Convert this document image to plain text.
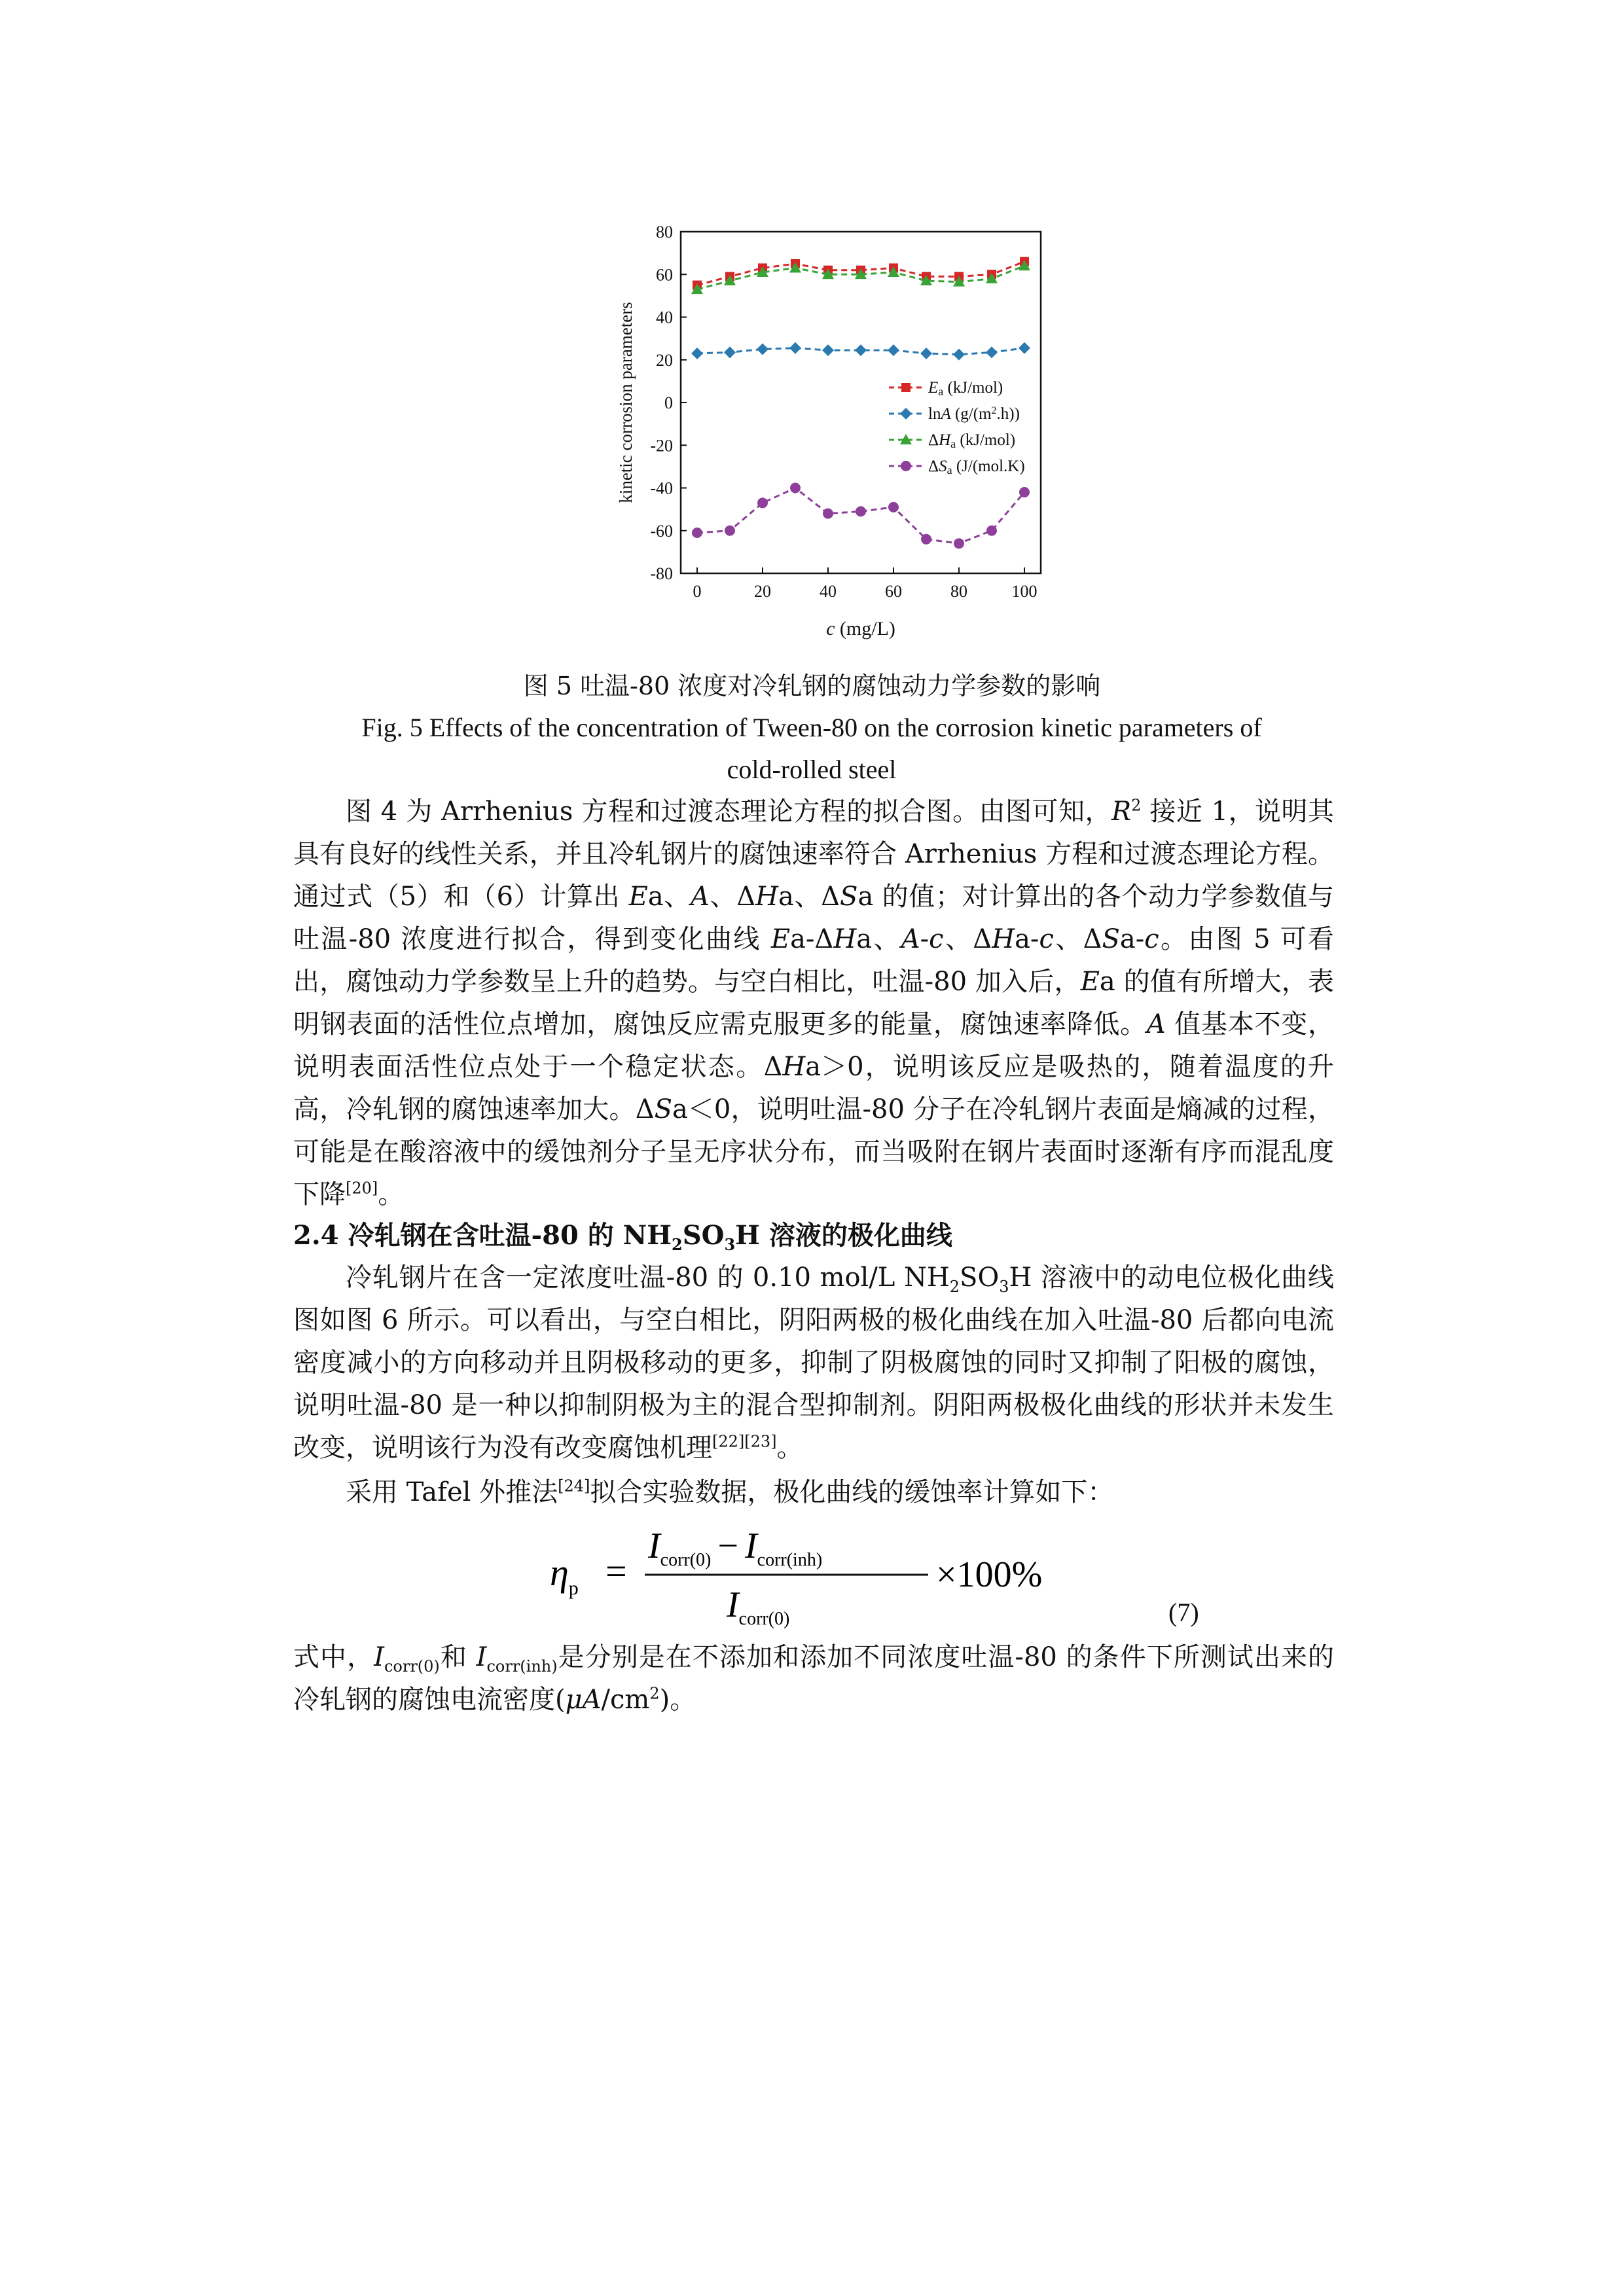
80
60
40
20
0
-20
-40
-60
-80
0	20	40	60	80	100
kinetic corrosion parameters
c (mg/L)
Ea (kJ/mol)
lnA $(g/(m^2.h))$
ΔHa (kJ/mol)
ΔSa (J/(mol.K)
图 5 吐温-80 浓度对冷轧钢的腐蚀动力学参数的影响
Fig. 5 Effects of the concentration of Tween-80 on the corrosion kinetic parameters of
cold-rolled steel

图 4 为 Arrhenius 方程和过渡态理论方程的拟合图。由图可知，$R^2$ 接近 1，说明其具有良好的线性关系，并且冷轧钢片的腐蚀速率符合 Arrhenius 方程和过渡态理论方程。通过式（5）和（6）计算出 Ea、A、ΔHa、ΔSa 的值；对计算出的各个动力学参数值与吐温-80 浓度进行拟合，得到变化曲线 Ea-ΔHa、A-c、ΔHa-c、ΔSa-c。由图 5 可看出，腐蚀动力学参数呈上升的趋势。与空白相比，吐温-80 加入后，Ea 的值有所增大，表明钢表面的活性位点增加，腐蚀反应需克服更多的能量，腐蚀速率降低。A 值基本不变，说明表面活性位点处于一个稳定状态。ΔHa＞0，说明该反应是吸热的，随着温度的升高，冷轧钢的腐蚀速率加大。ΔSa＜0，说明吐温-80 分子在冷轧钢片表面是熵减的过程，可能是在酸溶液中的缓蚀剂分子呈无序状分布，而当吸附在钢片表面时逐渐有序而混乱度下降[20]。

2.4 冷轧钢在含吐温-80 的 $NH_2SO_3H$ 溶液的极化曲线

冷轧钢片在含一定浓度吐温-80 的 0.10 mol/L $NH_2SO_3H$ 溶液中的动电位极化曲线图如图 6 所示。可以看出，与空白相比，阴阳两极的极化曲线在加入吐温-80 后都向电流密度减小的方向移动并且阴极移动的更多，抑制了阴极腐蚀的同时又抑制了阳极的腐蚀，说明吐温-80 是一种以抑制阴极为主的混合型抑制剂。阴阳两极极化曲线的形状并未发生改变，说明该行为没有改变腐蚀机理[22][23]。

采用 Tafel 外推法[24]拟合实验数据，极化曲线的缓蚀率计算如下：

$\eta_p$ =
$I_{corr(0)} - I_{corr(inh)}$
$I_{corr(0)}$
×100%
(7)

式中，$I_{corr(0)}$和 $I_{corr(inh)}$是分别是在不添加和添加不同浓度吐温-80 的条件下所测试出来的冷轧钢的腐蚀电流密度$(\mu A/cm^2)$。
